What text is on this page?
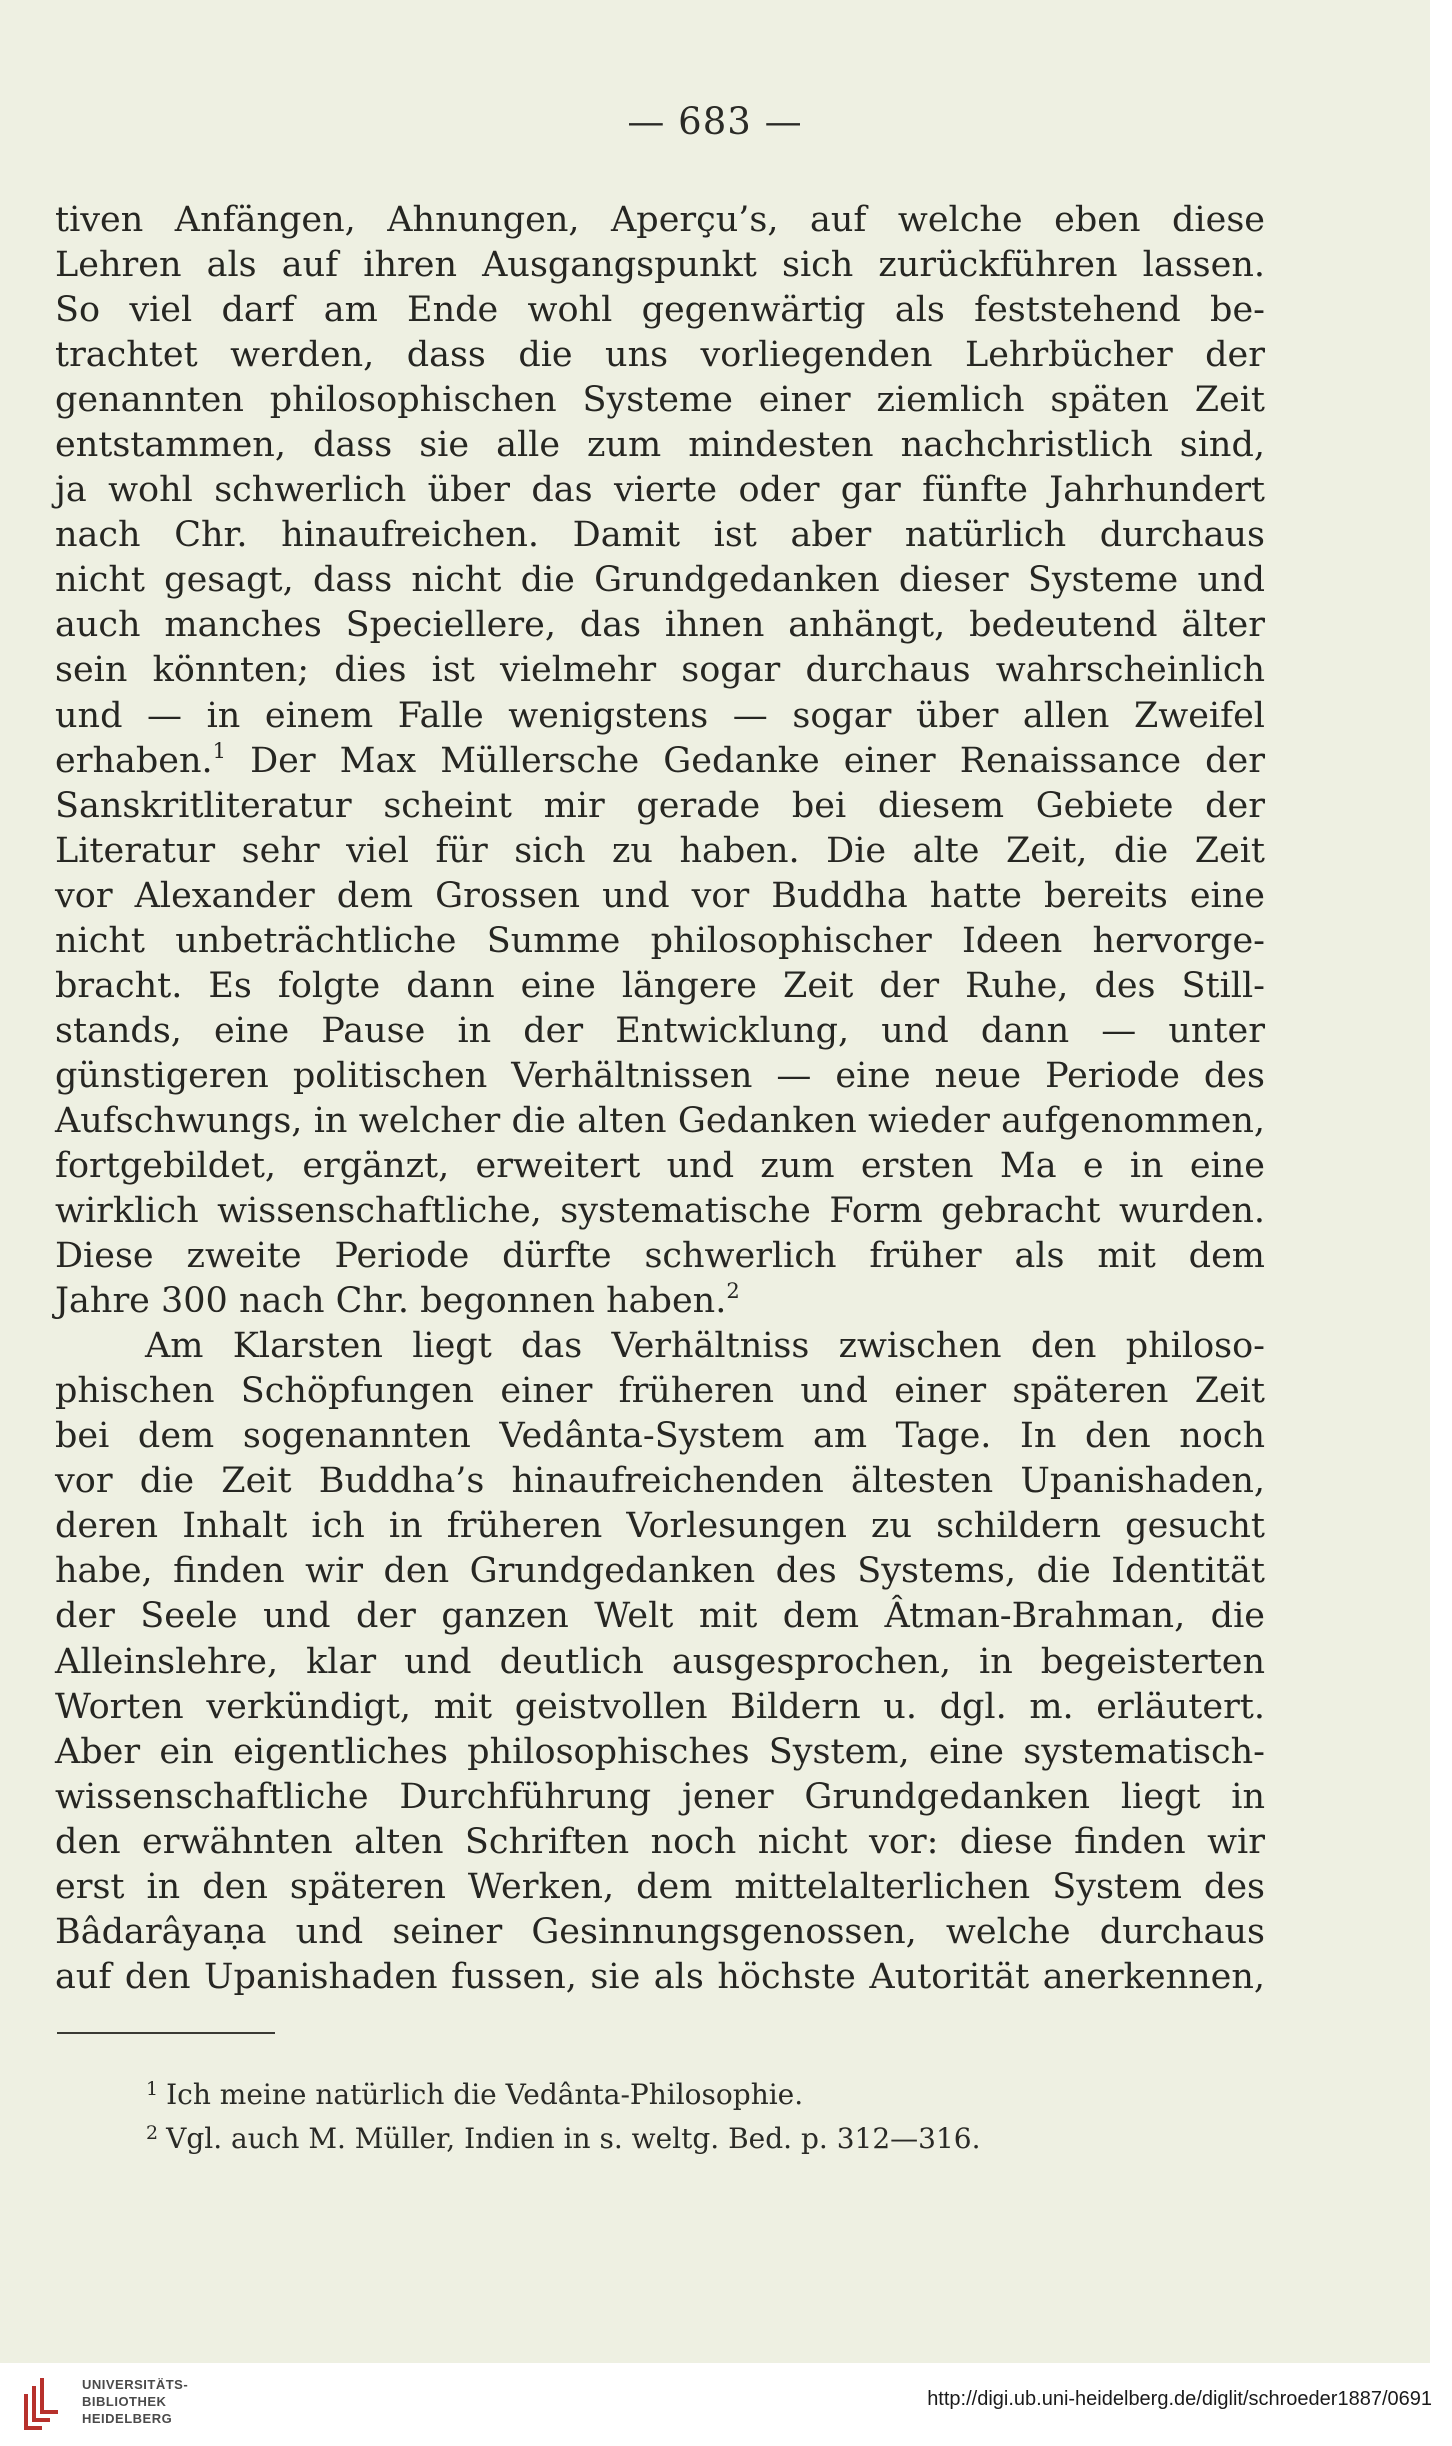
— 683 —
tiven Anfängen, Ahnungen, Aperçu’s, auf welche eben diese
Lehren als auf ihren Ausgangspunkt sich zurückführen lassen.
So viel darf am Ende wohl gegenwärtig als feststehend be-
trachtet werden, dass die uns vorliegenden Lehrbücher der
genannten philosophischen Systeme einer ziemlich späten Zeit
entstammen, dass sie alle zum mindesten nachchristlich sind,
ja wohl schwerlich über das vierte oder gar fünfte Jahrhundert
nach Chr. hinaufreichen. Damit ist aber natürlich durchaus
nicht gesagt, dass nicht die Grundgedanken dieser Systeme und
auch manches Speciellere, das ihnen anhängt, bedeutend älter
sein könnten; dies ist vielmehr sogar durchaus wahrscheinlich
und — in einem Falle wenigstens — sogar über allen Zweifel
erhaben.$^1$ Der Max Müllersche Gedanke einer Renaissance der
Sanskritliteratur scheint mir gerade bei diesem Gebiete der
Literatur sehr viel für sich zu haben. Die alte Zeit, die Zeit
vor Alexander dem Grossen und vor Buddha hatte bereits eine
nicht unbeträchtliche Summe philosophischer Ideen hervorge-
bracht. Es folgte dann eine längere Zeit der Ruhe, des Still-
stands, eine Pause in der Entwicklung, und dann — unter
günstigeren politischen Verhältnissen — eine neue Periode des
Aufschwungs, in welcher die alten Gedanken wieder aufgenommen,
fortgebildet, ergänzt, erweitert und zum ersten Ma e in eine
wirklich wissenschaftliche, systematische Form gebracht wurden.
Diese zweite Periode dürfte schwerlich früher als mit dem
Jahre 300 nach Chr. begonnen haben.$^2$
Am Klarsten liegt das Verhältniss zwischen den philoso-
phischen Schöpfungen einer früheren und einer späteren Zeit
bei dem sogenannten Vedânta-System am Tage. In den noch
vor die Zeit Buddha’s hinaufreichenden ältesten Upanishaden,
deren Inhalt ich in früheren Vorlesungen zu schildern gesucht
habe, finden wir den Grundgedanken des Systems, die Identität
der Seele und der ganzen Welt mit dem Âtman-Brahman, die
Alleinslehre, klar und deutlich ausgesprochen, in begeisterten
Worten verkündigt, mit geistvollen Bildern u. dgl. m. erläutert.
Aber ein eigentliches philosophisches System, eine systematisch-
wissenschaftliche Durchführung jener Grundgedanken liegt in
den erwähnten alten Schriften noch nicht vor: diese finden wir
erst in den späteren Werken, dem mittelalterlichen System des
Bâdarâyaṇa und seiner Gesinnungsgenossen, welche durchaus
auf den Upanishaden fussen, sie als höchste Autorität anerkennen,
$^1$ Ich meine natürlich die Vedânta-Philosophie.
$^2$ Vgl. auch M. Müller, Indien in s. weltg. Bed. p. 312—316.
UNIVERSITÄTS-
BIBLIOTHEK
HEIDELBERG
http://digi.ub.uni-heidelberg.de/diglit/schroeder1887/0691
